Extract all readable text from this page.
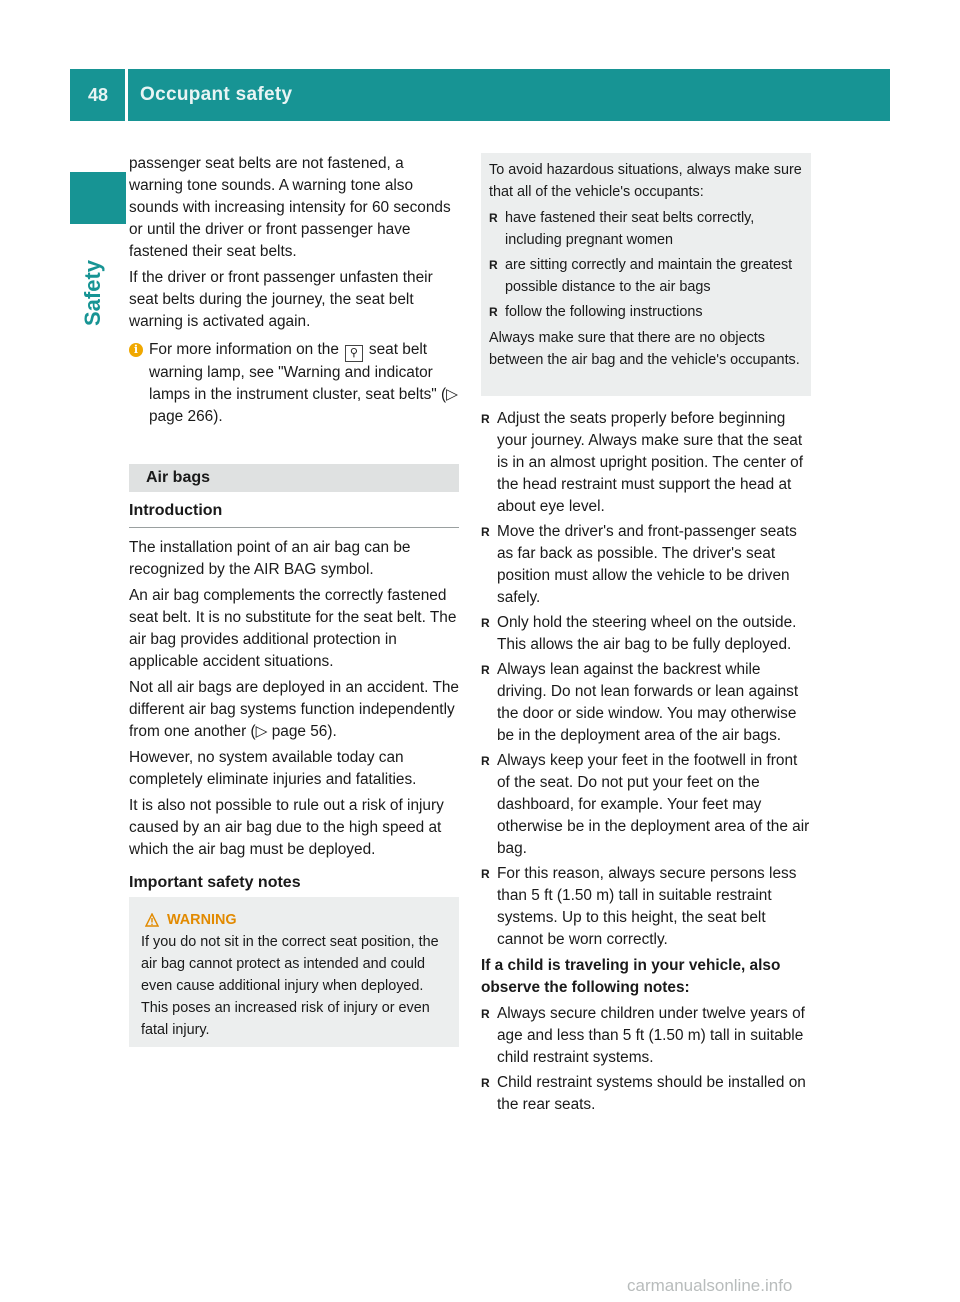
48	Occupant safety
Safety

passenger seat belts are not fastened, a warning tone sounds. A warning tone also sounds with increasing intensity for 60 seconds or until the driver or front passenger have fastened their seat belts.

If the driver or front passenger unfasten their seat belts during the journey, the seat belt warning is activated again.

i For more information on the ⚲ seat belt warning lamp, see "Warning and indicator lamps in the instrument cluster, seat belts" (▷ page 266).
Air bags
Introduction

The installation point of an air bag can be recognized by the AIR BAG symbol.

An air bag complements the correctly fastened seat belt. It is no substitute for the seat belt. The air bag provides additional protection in applicable accident situations.

Not all air bags are deployed in an accident. The different air bag systems function independently from one another (▷ page 56).

However, no system available today can completely eliminate injuries and fatalities.

It is also not possible to rule out a risk of injury caused by an air bag due to the high speed at which the air bag must be deployed.

Important safety notes
WARNING
If you do not sit in the correct seat position, the air bag cannot protect as intended and could even cause additional injury when deployed. This poses an increased risk of injury or even fatal injury.

To avoid hazardous situations, always make sure that all of the vehicle's occupants:

R have fastened their seat belts correctly, including pregnant women
R are sitting correctly and maintain the greatest possible distance to the air bags
R follow the following instructions

Always make sure that there are no objects between the air bag and the vehicle's occupants.

R Adjust the seats properly before beginning your journey. Always make sure that the seat is in an almost upright position. The center of the head restraint must support the head at about eye level.
R Move the driver's and front-passenger seats as far back as possible. The driver's seat position must allow the vehicle to be driven safely.
R Only hold the steering wheel on the outside. This allows the air bag to be fully deployed.
R Always lean against the backrest while driving. Do not lean forwards or lean against the door or side window. You may otherwise be in the deployment area of the air bags.
R Always keep your feet in the footwell in front of the seat. Do not put your feet on the dashboard, for example. Your feet may otherwise be in the deployment area of the air bag.
R For this reason, always secure persons less than 5 ft (1.50 m) tall in suitable restraint systems. Up to this height, the seat belt cannot be worn correctly.
If a child is traveling in your vehicle, also observe the following notes:
R Always secure children under twelve years of age and less than 5 ft (1.50 m) tall in suitable child restraint systems.
R Child restraint systems should be installed on the rear seats.
carmanualsonline.info
